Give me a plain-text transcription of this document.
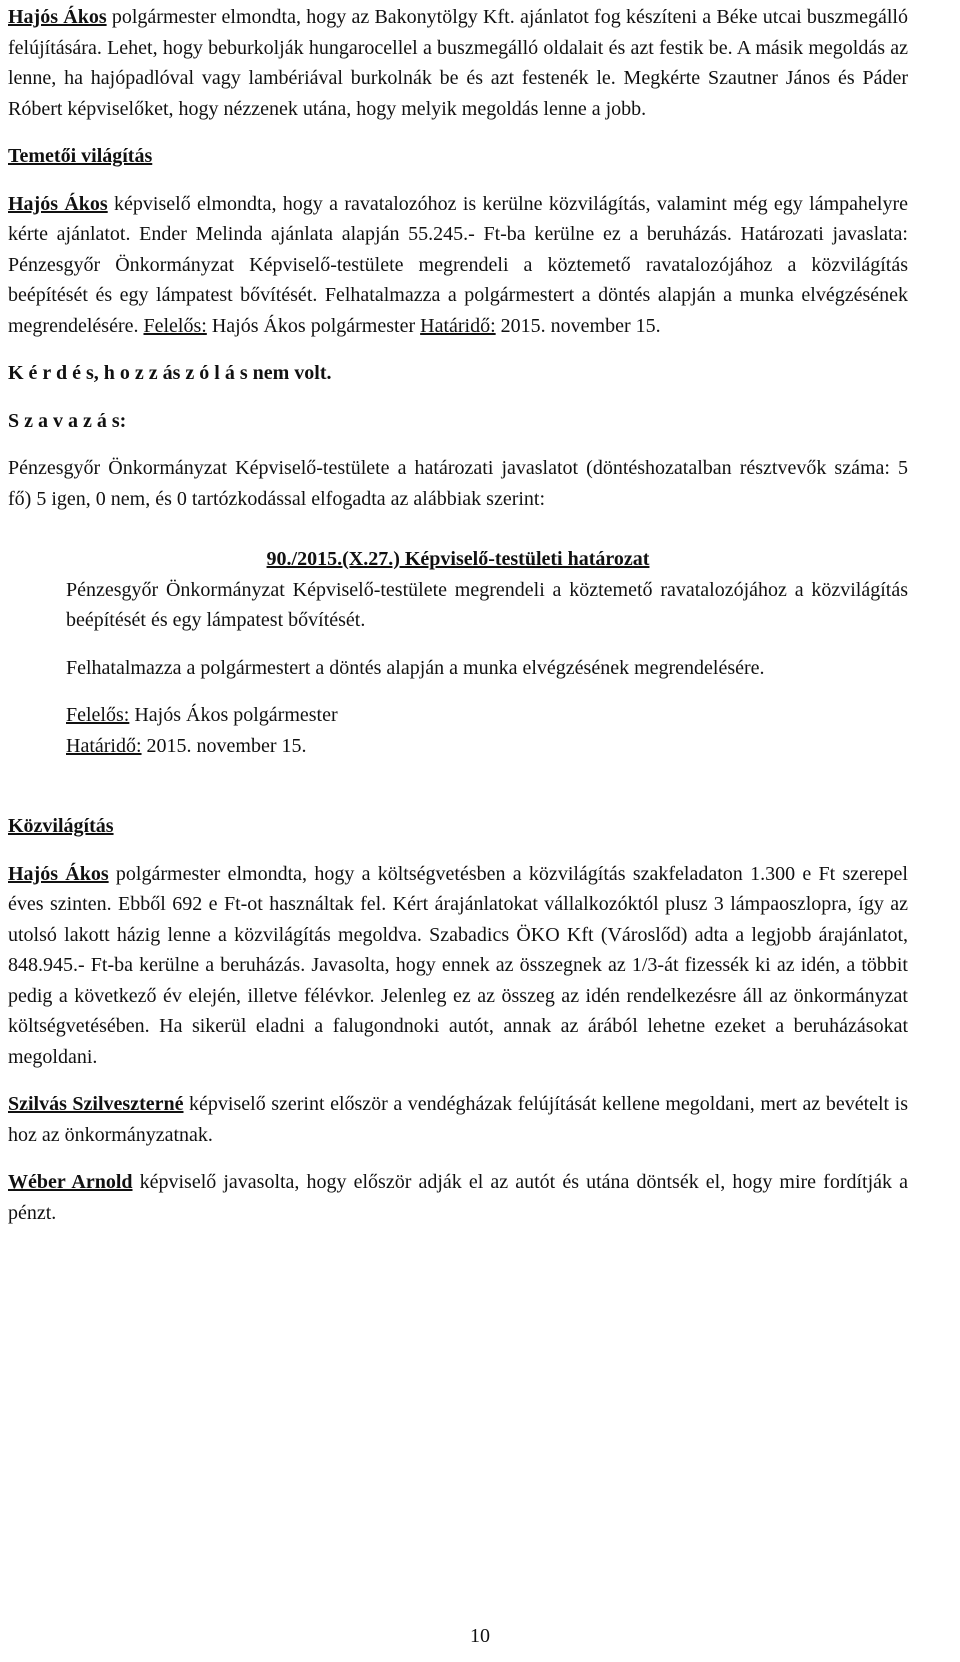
Hajós Ákos polgármester elmondta, hogy az Bakonytölgy Kft. ajánlatot fog készíteni a Béke utcai buszmegálló felújítására. Lehet, hogy beburkolják hungarocellel a buszmegálló oldalait és azt festik be. A másik megoldás az lenne, ha hajópadlóval vagy lambériával burkolnák be és azt festenék le. Megkérte Szautner János és Páder Róbert képviselőket, hogy nézzenek utána, hogy melyik megoldás lenne a jobb.

Temetői világítás

Hajós Ákos képviselő elmondta, hogy a ravatalozóhoz is kerülne közvilágítás, valamint még egy lámpahelyre kérte ajánlatot. Ender Melinda ajánlata alapján 55.245.- Ft-ba kerülne ez a beruházás. Határozati javaslata: Pénzesgyőr Önkormányzat Képviselő-testülete megrendeli a köztemető ravatalozójához a közvilágítás beépítését és egy lámpatest bővítését. Felhatalmazza a polgármestert a döntés alapján a munka elvégzésének megrendelésére. Felelős: Hajós Ákos polgármester Határidő: 2015. november 15.

K é r d é s, h o z z ás z ó l á s nem volt.

S z a v a z á s:

Pénzesgyőr Önkormányzat Képviselő-testülete a határozati javaslatot (döntéshozatalban résztvevők száma: 5 fő) 5 igen, 0 nem, és 0 tartózkodással elfogadta az alábbiak szerint:

90./2015.(X.27.) Képviselő-testületi határozat

Pénzesgyőr Önkormányzat Képviselő-testülete megrendeli a köztemető ravatalozójához a közvilágítás beépítését és egy lámpatest bővítését.

Felhatalmazza a polgármestert a döntés alapján a munka elvégzésének megrendelésére.

Felelős: Hajós Ákos polgármester

Határidő: 2015. november 15.

Közvilágítás

Hajós Ákos polgármester elmondta, hogy a költségvetésben a közvilágítás szakfeladaton 1.300 e Ft szerepel éves szinten. Ebből 692 e Ft-ot használtak fel. Kért árajánlatokat vállalkozóktól plusz 3 lámpaoszlopra, így az utolsó lakott házig lenne a közvilágítás megoldva. Szabadics ÖKO Kft (Városlőd) adta a legjobb árajánlatot, 848.945.- Ft-ba kerülne a beruházás. Javasolta, hogy ennek az összegnek az 1/3-át fizessék ki az idén, a többit pedig a következő év elején, illetve félévkor. Jelenleg ez az összeg az idén rendelkezésre áll az önkormányzat költségvetésében. Ha sikerül eladni a falugondnoki autót, annak az árából lehetne ezeket a beruházásokat megoldani.

Szilvás Szilveszterné képviselő szerint először a vendégházak felújítását kellene megoldani, mert az bevételt is hoz az önkormányzatnak.

Wéber Arnold képviselő javasolta, hogy először adják el az autót és utána döntsék el, hogy mire fordítják a pénzt.

10
